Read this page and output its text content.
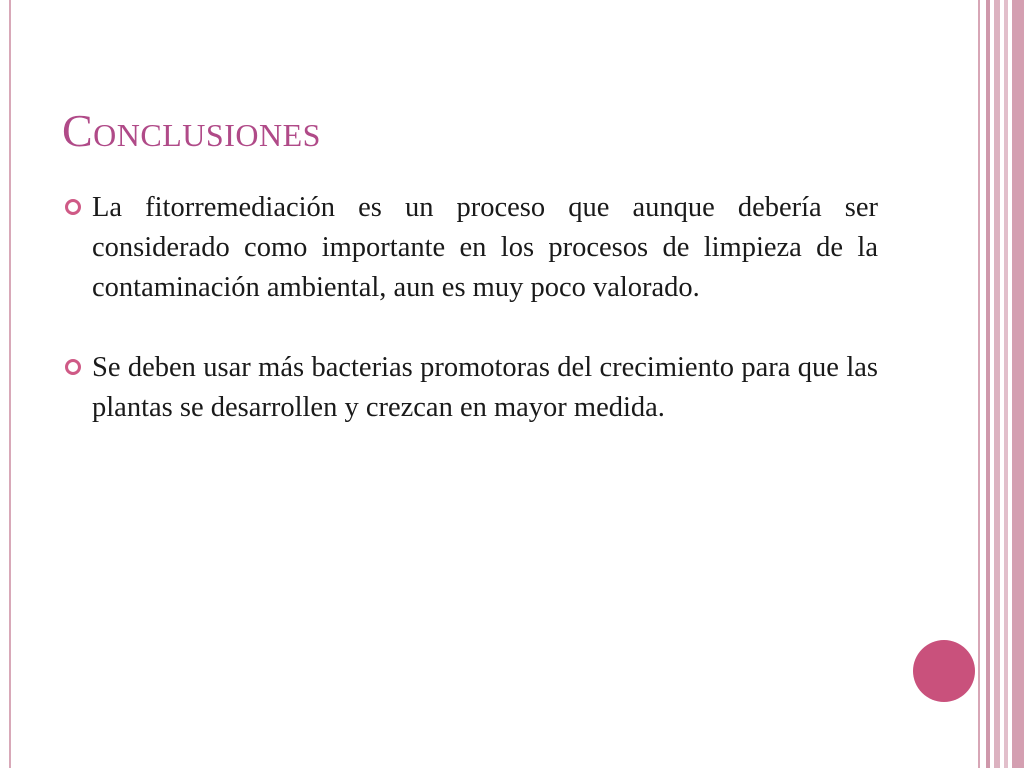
Conclusiones
La fitorremediación es un proceso que aunque debería ser considerado como importante en los procesos de limpieza de la contaminación ambiental, aun es muy poco valorado.
Se deben usar más bacterias promotoras del crecimiento para que las plantas se desarrollen y crezcan en mayor medida.
